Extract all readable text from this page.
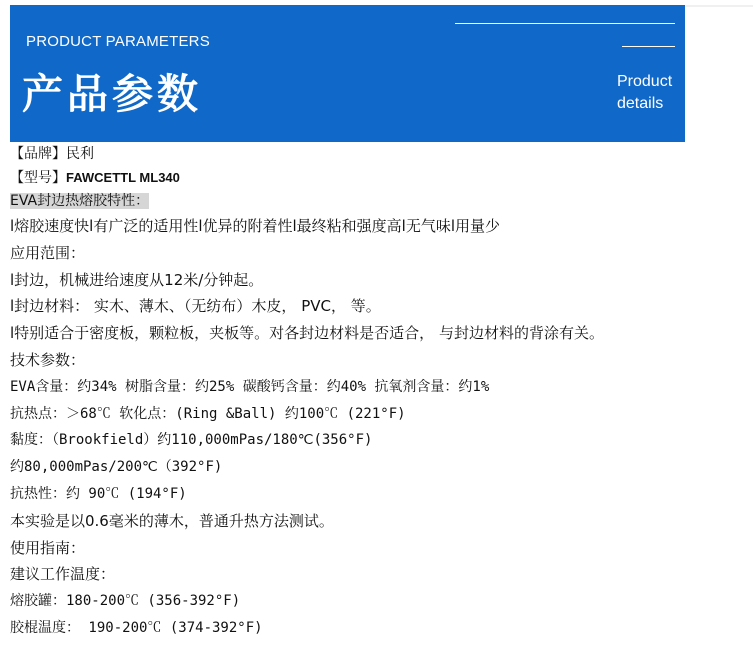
PRODUCT PARAMETERS
产品参数	Product
details
【品牌】民利
【型号】FAWCETTL ML340
EVA封边热熔胶特性：
l熔胶速度快l有广泛的适用性l优异的附着性l最终粘和强度高l无气味l用量少
应用范围：
l封边，机械进给速度从12米/分钟起。
l封边材料： 实木、薄木、（无纺布）木皮， PVC， 等。
l特别适合于密度板，颗粒板，夹板等。对各封边材料是否适合， 与封边材料的背涂有关。
技术参数：
EVA含量：约34% 树脂含量：约25% 碳酸钙含量：约40% 抗氧剂含量：约1%
抗热点：＞68℃ 软化点：(Ring &Ball) 约100℃ (221°F)
黏度：（Brookfield）约110,000mPas/180℃(356°F)
约80,000mPas/200℃（392°F)
抗热性：约 90℃ (194°F)
本实验是以0.6毫米的薄木，普通升热方法测试。
使用指南：
建议工作温度：
熔胶罐：180-200℃ (356-392°F)
胶棍温度： 190-200℃ (374-392°F)
